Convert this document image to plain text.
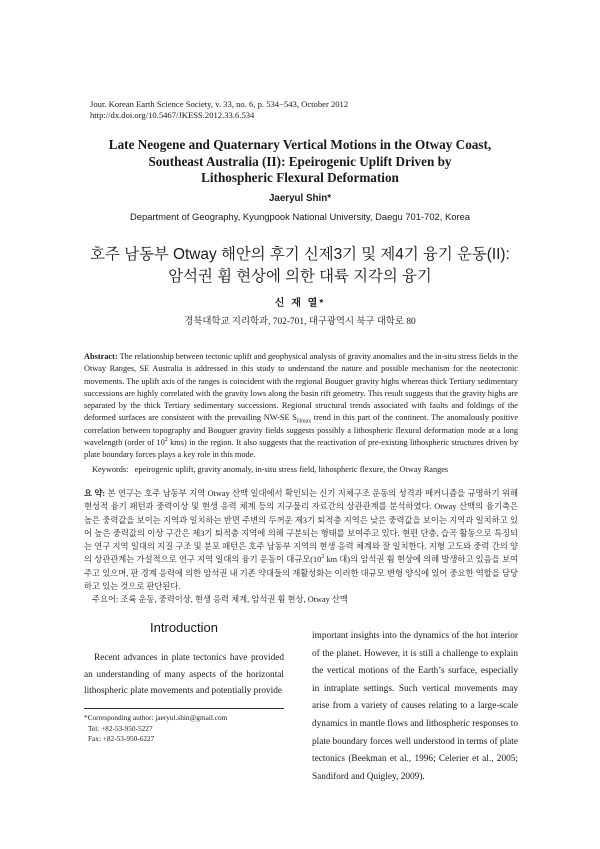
Jour. Korean Earth Science Society, v. 33, no. 6, p. 534−543, October 2012
http://dx.doi.org/10.5467/JKESS.2012.33.6.534
Late Neogene and Quaternary Vertical Motions in the Otway Coast,
Southeast Australia (II): Epeirogenic Uplift Driven by
Lithospheric Flexural Deformation
Jaeryul Shin*
Department of Geography, Kyungpook National University, Daegu 701-702, Korea
호주 남동부 Otway 해안의 후기 신제3기 및 제4기 융기 운동(II):
암석권 휨 현상에 의한 대륙 지각의 융기
신 재 열*
경북대학교 지리학과, 702-701, 대구광역시 북구 대학로 80
Abstract: The relationship between tectonic uplift and geophysical analysis of gravity anomalies and the in-situ stress fields in the Otway Ranges, SE Australia is addressed in this study to understand the nature and possible mechanism for the neotectonic movements. The uplift axis of the ranges is coincident with the regional Bouguer gravity highs whereas thick Tertiary sedimentary successions are highly correlated with the gravity lows along the basin rift geometry. This result suggests that the gravity highs are separated by the thick Tertiary sedimentary successions. Regional structural trends associated with faults and foldings of the deformed surfaces are consistent with the prevailing NW-SE $S_{Hmax}$ trend in this part of the continent. The anomalously positive correlation between topography and Bouguer gravity fields suggests possibly a lithospheric flexural deformation mode at a long wavelength (order of $10^2$ kms) in the region. It also suggests that the reactivation of pre-existing lithospheric structures driven by plate boundary forces plays a key role in this mode.
Keywords: epeirogenic uplift, gravity anomaly, in-situ stress field, lithospheric flexure, the Otway Ranges
요 약: 본 연구는 호주 남동부 지역 Otway 산맥 일대에서 확인되는 신기 지체구조 운동의 성격과 메커니즘을 규명하기 위해 현성적 융기 패턴과 중력이상 및 현생 응력 체계 등의 지구물리 자료간의 상관관계를 분석하였다. Otway 산맥의 융기축은 높은 중력값을 보이는 지역과 일치하는 반면 주변의 두꺼운 제3기 퇴적층 지역은 낮은 중력값을 보이는 지역과 일치하고 있어 높은 중력값의 이상 구간은 제3기 퇴적층 지역에 의해 구분되는 형태를 보여주고 있다. 현편 단층, 습곡 활동으로 특징되는 연구 지역 일대의 지질 구조 및 분포 패턴은 호주 남동부 지역의 현생 응력 체계와 잘 일치한다. 지형 고도와 중력 간의 양의 상관관계는 가설적으로 연구 지역 일대의 융기 운동이 대규모($10^2$ km 대)의 암석권 휨 현상에 의해 발생하고 있음을 보여주고 있으며, 판 경계 응력에 의한 암석권 내 기존 약대들의 재활성화는 이러한 대규모 변형 양식에 있어 중요한 역할을 담당하고 있는 것으로 판단된다.
주요어: 조륙 운동, 중력이상, 현생 응력 체계, 암석권 휨 현상, Otway 산맥
Introduction
Recent advances in plate tectonics have provided an understanding of many aspects of the horizontal lithospheric plate movements and potentially provide
*Corresponding author: jaeryul.shin@gmail.com
Tel: +82-53-950-5227
Fax: +82-53-950-6227
important insights into the dynamics of the hot interior of the planet. However, it is still a challenge to explain the vertical motions of the Earth’s surface, especially in intraplate settings. Such vertical movements may arise from a variety of causes relating to a large-scale dynamics in mantle flows and lithospheric responses to plate boundary forces well understood in terms of plate tectonics (Beekman et al., 1996; Celerier et al., 2005; Sandiford and Quigley, 2009).
